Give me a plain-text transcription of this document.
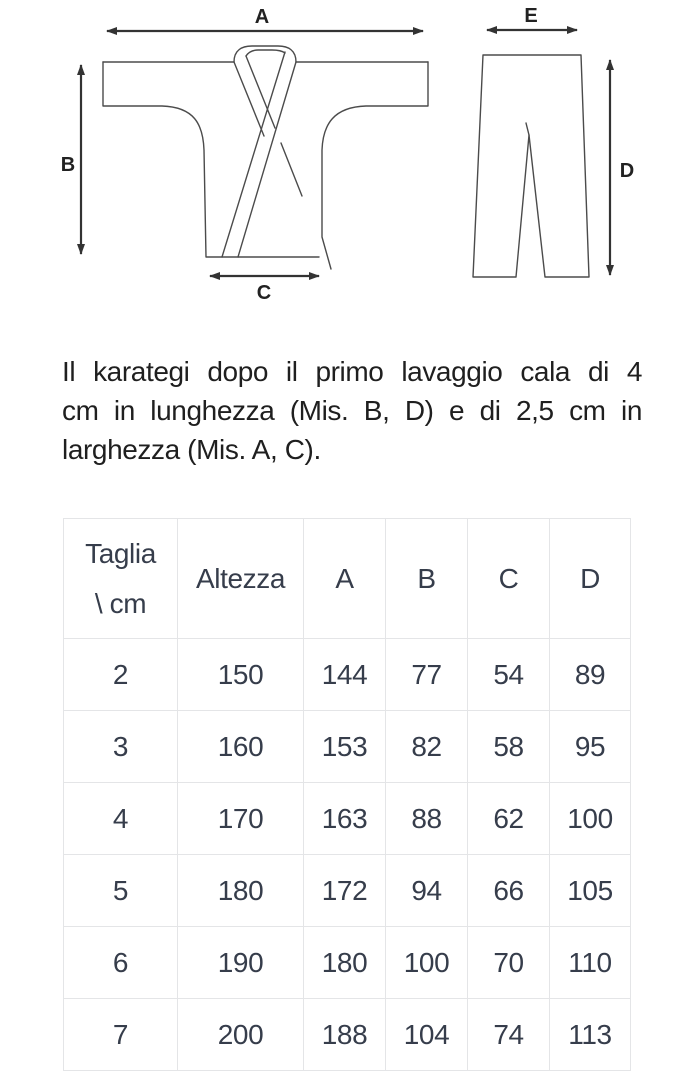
A
B
C
E
D
Il karategi dopo il primo lavaggio cala di 4
cm in lunghezza (Mis. B, D) e di 2,5 cm in
larghezza (Mis. A, C).
Taglia
\ cm	Altezza	A	B	C	D
2	150	144	77	54	89
3	160	153	82	58	95
4	170	163	88	62	100
5	180	172	94	66	105
6	190	180	100	70	110
7	200	188	104	74	113
